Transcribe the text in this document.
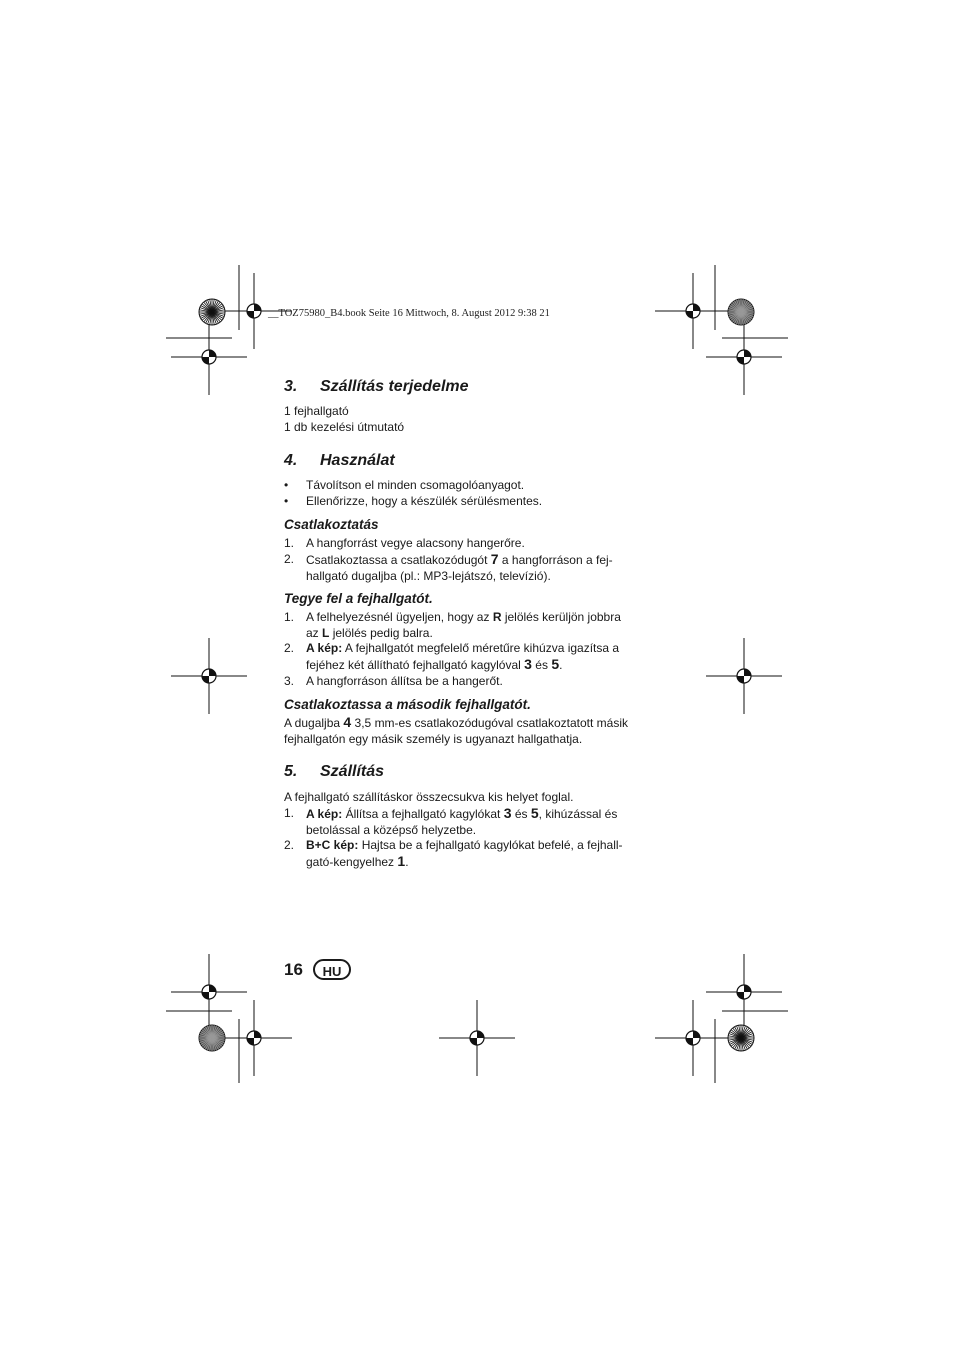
__TOZ75980_B4.book Seite 16 Mittwoch, 8. August 2012 9:38 21
3. Szállítás terjedelme
1 fejhallgató
1 db kezelési útmutató
4. Használat
• Távolítson el minden csomagolóanyagot.
• Ellenőrizze, hogy a készülék sérülésmentes.
Csatlakoztatás
1. A hangforrást vegye alacsony hangerőre.
2. Csatlakoztassa a csatlakozódugót 7 a hangforráson a fej-
hallgató dugaljba (pl.: MP3-lejátszó, televízió).
Tegye fel a fejhallgatót.
1. A felhelyezésnél ügyeljen, hogy az R jelölés kerüljön jobbra
az L jelölés pedig balra.
2. A kép: A fejhallgatót megfelelő méretűre kihúzva igazítsa a
fejéhez két állítható fejhallgató kagylóval 3 és 5.
3. A hangforráson állítsa be a hangerőt.
Csatlakoztassa a második fejhallgatót.
A dugaljba 4 3,5 mm-es csatlakozódugóval csatlakoztatott másik
fejhallgatón egy másik személy is ugyanazt hallgathatja.
5. Szállítás
A fejhallgató szállításkor összecsukva kis helyet foglal.
1. A kép: Állítsa a fejhallgató kagylókat 3 és 5, kihúzással és
betolással a középső helyzetbe.
2. B+C kép: Hajtsa be a fejhallgató kagylókat befelé, a fejhall-
gató-kengyelhez 1.
16	HU
